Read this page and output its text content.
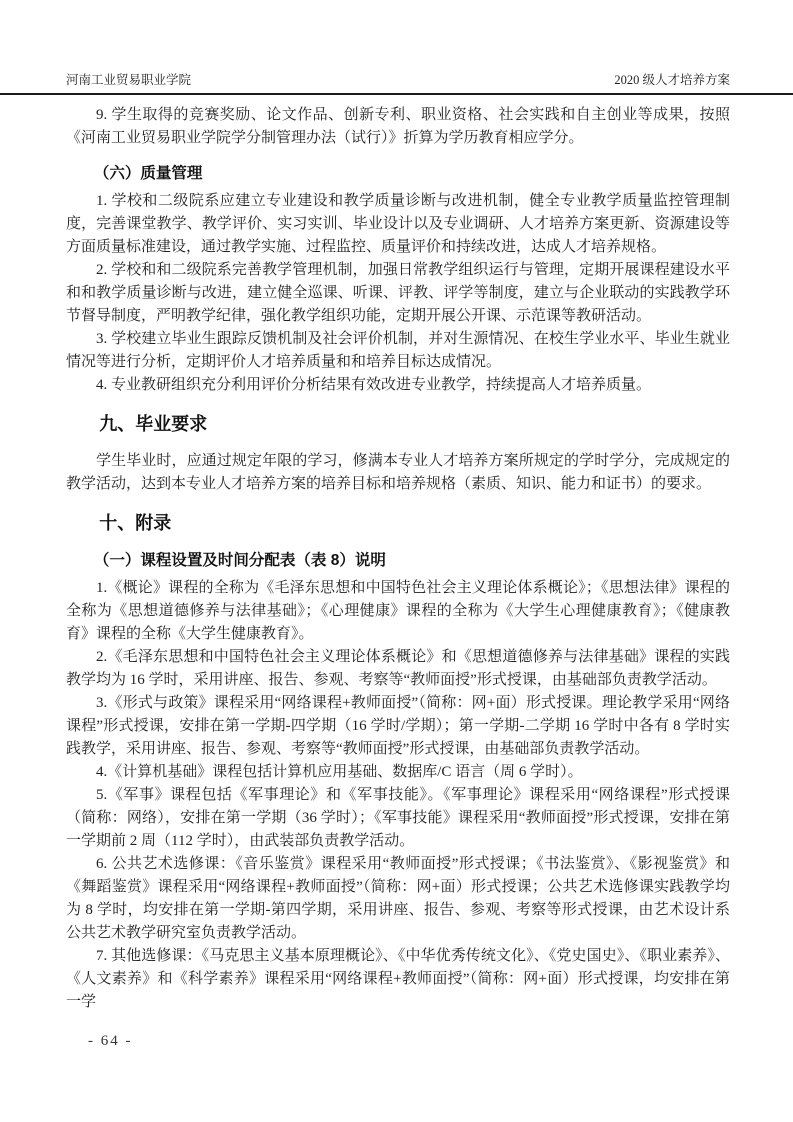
河南工业贸易职业学院	2020 级人才培养方案

9. 学生取得的竞赛奖励、论文作品、创新专利、职业资格、社会实践和自主创业等成果，按照《河南工业贸易职业学院学分制管理办法（试行）》折算为学历教育相应学分。

（六）质量管理

1. 学校和二级院系应建立专业建设和教学质量诊断与改进机制，健全专业教学质量监控管理制度，完善课堂教学、教学评价、实习实训、毕业设计以及专业调研、人才培养方案更新、资源建设等方面质量标准建设，通过教学实施、过程监控、质量评价和持续改进，达成人才培养规格。

2. 学校和和二级院系完善教学管理机制，加强日常教学组织运行与管理，定期开展课程建设水平和和教学质量诊断与改进，建立健全巡课、听课、评教、评学等制度，建立与企业联动的实践教学环节督导制度，严明教学纪律，强化教学组织功能，定期开展公开课、示范课等教研活动。

3. 学校建立毕业生跟踪反馈机制及社会评价机制，并对生源情况、在校生学业水平、毕业生就业情况等进行分析，定期评价人才培养质量和和培养目标达成情况。

4. 专业教研组织充分利用评价分析结果有效改进专业教学，持续提高人才培养质量。

九、毕业要求

学生毕业时，应通过规定年限的学习，修满本专业人才培养方案所规定的学时学分，完成规定的教学活动，达到本专业人才培养方案的培养目标和培养规格（素质、知识、能力和证书）的要求。

十、附录
（一）课程设置及时间分配表（表 8）说明

1.《概论》课程的全称为《毛泽东思想和中国特色社会主义理论体系概论》；《思想法律》课程的全称为《思想道德修养与法律基础》；《心理健康》课程的全称为《大学生心理健康教育》；《健康教育》课程的全称《大学生健康教育》。

2.《毛泽东思想和中国特色社会主义理论体系概论》和《思想道德修养与法律基础》课程的实践教学均为 16 学时，采用讲座、报告、参观、考察等“教师面授”形式授课，由基础部负责教学活动。

3.《形式与政策》课程采用“网络课程+教师面授”（简称：网+面）形式授课。理论教学采用“网络课程”形式授课，安排在第一学期-四学期（16 学时/学期）；第一学期-二学期 16 学时中各有 8 学时实践教学，采用讲座、报告、参观、考察等“教师面授”形式授课，由基础部负责教学活动。

4.《计算机基础》课程包括计算机应用基础、数据库/C 语言（周 6 学时）。

5.《军事》课程包括《军事理论》和《军事技能》。《军事理论》课程采用“网络课程”形式授课（简称：网络），安排在第一学期（36 学时）；《军事技能》课程采用“教师面授”形式授课，安排在第一学期前 2 周（112 学时），由武装部负责教学活动。

6. 公共艺术选修课：《音乐鉴赏》课程采用“教师面授”形式授课；《书法鉴赏》、《影视鉴赏》和《舞蹈鉴赏》课程采用“网络课程+教师面授”（简称：网+面）形式授课；公共艺术选修课实践教学均为 8 学时，均安排在第一学期-第四学期，采用讲座、报告、参观、考察等形式授课，由艺术设计系公共艺术教学研究室负责教学活动。

7. 其他选修课：《马克思主义基本原理概论》、《中华优秀传统文化》、《党史国史》、《职业素养》、《人文素养》和《科学素养》课程采用“网络课程+教师面授”（简称：网+面）形式授课，均安排在第一学

- 64 -
